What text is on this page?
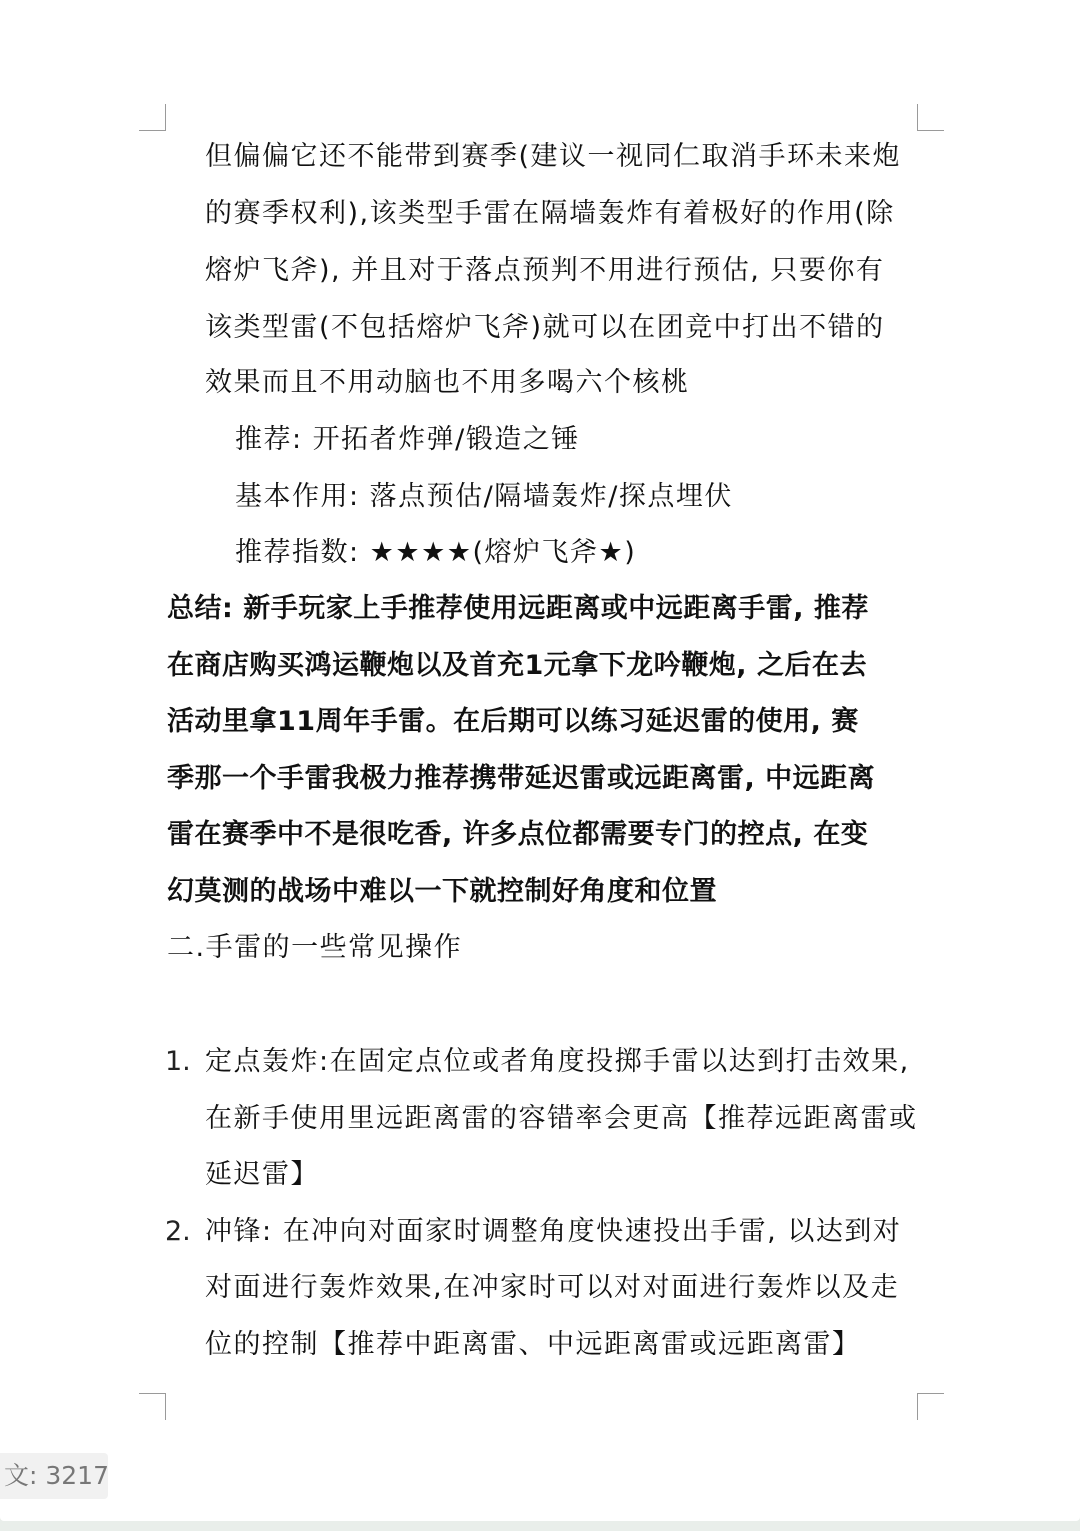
但偏偏它还不能带到赛季(建议一视同仁取消手环未来炮
的赛季权利),该类型手雷在隔墙轰炸有着极好的作用(除
熔炉飞斧), 并且对于落点预判不用进行预估, 只要你有
该类型雷(不包括熔炉飞斧)就可以在团竞中打出不错的
效果而且不用动脑也不用多喝六个核桃
推荐: 开拓者炸弹/锻造之锤
基本作用: 落点预估/隔墙轰炸/探点埋伏
推荐指数: ★★★★(熔炉飞斧★)
总结: 新手玩家上手推荐使用远距离或中远距离手雷, 推荐
在商店购买鸿运鞭炮以及首充1元拿下龙吟鞭炮, 之后在去
活动里拿11周年手雷。在后期可以练习延迟雷的使用, 赛
季那一个手雷我极力推荐携带延迟雷或远距离雷, 中远距离
雷在赛季中不是很吃香, 许多点位都需要专门的控点, 在变
幻莫测的战场中难以一下就控制好角度和位置
二.手雷的一些常见操作
1. 定点轰炸:在固定点位或者角度投掷手雷以达到打击效果,
在新手使用里远距离雷的容错率会更高【推荐远距离雷或
延迟雷】
2. 冲锋: 在冲向对面家时调整角度快速投出手雷, 以达到对
对面进行轰炸效果,在冲家时可以对对面进行轰炸以及走
位的控制【推荐中距离雷、中远距离雷或远距离雷】
文: 3217
